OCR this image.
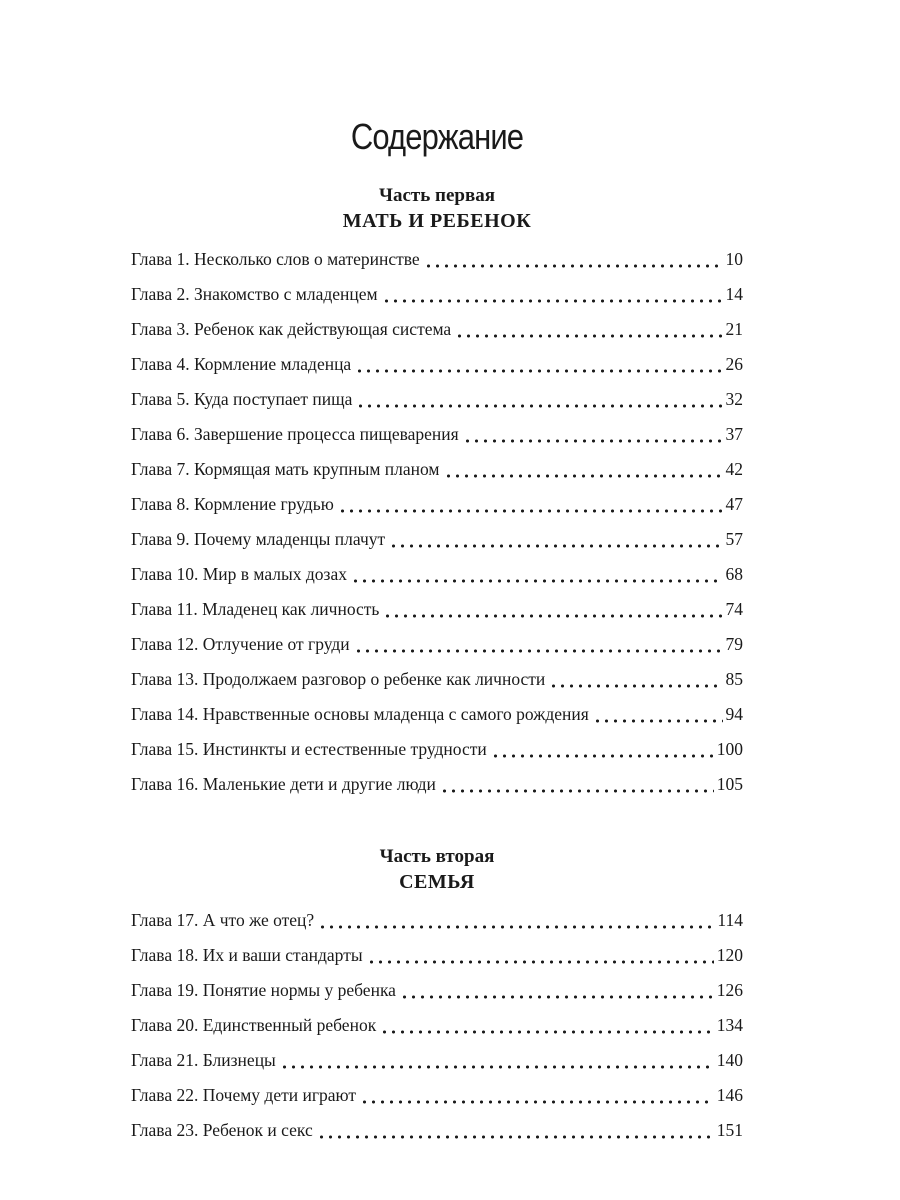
Содержание
Часть первая
МАТЬ И РЕБЕНОК
Глава 1. Несколько слов о материнстве	10
Глава 2. Знакомство с младенцем	14
Глава 3. Ребенок как действующая система	21
Глава 4. Кормление младенца	26
Глава 5. Куда поступает пища	32
Глава 6. Завершение процесса пищеварения	37
Глава 7. Кормящая мать крупным планом	42
Глава 8. Кормление грудью	47
Глава 9. Почему младенцы плачут	57
Глава 10. Мир в малых дозах	68
Глава 11. Младенец как личность	74
Глава 12. Отлучение от груди	79
Глава 13. Продолжаем разговор о ребенке как личности	85
Глава 14. Нравственные основы младенца с самого рождения	94
Глава 15. Инстинкты и естественные трудности	100
Глава 16. Маленькие дети и другие люди	105
Часть вторая
СЕМЬЯ
Глава 17. А что же отец?	114
Глава 18. Их и ваши стандарты	120
Глава 19. Понятие нормы у ребенка	126
Глава 20. Единственный ребенок	134
Глава 21. Близнецы	140
Глава 22. Почему дети играют	146
Глава 23. Ребенок и секс	151
